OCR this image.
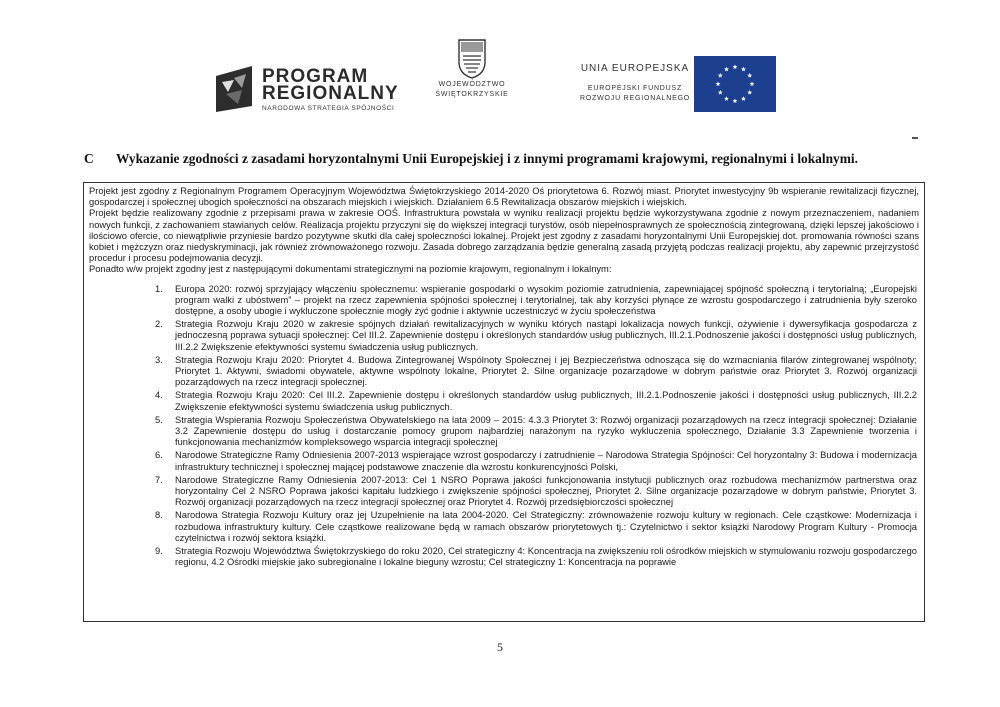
PROGRAM
REGIONALNY
NARODOWA STRATEGIA SPÓJNOŚCI
WOJEWÓDZTWO
ŚWIĘTOKRZYSKIE
UNIA EUROPEJSKA
EUROPEJSKI FUNDUSZ
ROZWOJU REGIONALNEGO
C Wykazanie zgodności z zasadami horyzontalnymi Unii Europejskiej i z innymi programami krajowymi, regionalnymi i lokalnymi.

Projekt jest zgodny z Regionalnym Programem Operacyjnym Województwa Świętokrzyskiego 2014-2020 Oś priorytetowa 6. Rozwój miast. Priorytet inwestycyjny 9b wspieranie rewitalizacji fizycznej, gospodarczej i społecznej ubogich społeczności na obszarach miejskich i wiejskich. Działaniem 6.5 Rewitalizacja obszarów miejskich i wiejskich.

Projekt będzie realizowany zgodnie z przepisami prawa w zakresie OOŚ. Infrastruktura powstała w wyniku realizacji projektu będzie wykorzystywana zgodnie z nowym przeznaczeniem, nadaniem nowych funkcji, z zachowaniem stawianych celów. Realizacja projektu przyczyni się do większej integracji turystów, osób niepełnosprawnych ze społecznością zintegrowaną, dzięki lepszej jakościowo i ilościowo ofercie, co niewątpliwie przyniesie bardzo pozytywne skutki dla całej społeczności lokalnej. Projekt jest zgodny z zasadami horyzontalnymi Unii Europejskiej dot. promowania równości szans kobiet i mężczyzn oraz niedyskryminacji, jak również zrównoważonego rozwoju. Zasada dobrego zarządzania będzie generalną zasadą przyjętą podczas realizacji projektu, aby zapewnić przejrzystość procedur i procesu podejmowania decyzji.

Ponadto w/w projekt zgodny jest z następującymi dokumentami strategicznymi na poziomie krajowym, regionalnym i lokalnym:

1.	Europa 2020: rozwój sprzyjający włączeniu społecznemu: wspieranie gospodarki o wysokim poziomie zatrudnienia, zapewniającej spójność społeczną i terytorialną; „Europejski program walki z ubóstwem” – projekt na rzecz zapewnienia spójności społecznej i terytorialnej, tak aby korzyści płynące ze wzrostu gospodarczego i zatrudnienia były szeroko dostępne, a osoby ubogie i wykluczone społecznie mogły żyć godnie i aktywnie uczestniczyć w życiu społeczeństwa
2.	Strategia Rozwoju Kraju 2020 w zakresie spójnych działań rewitalizacyjnych w wyniku których nastąpi lokalizacja nowych funkcji, ożywienie i dywersyfikacja gospodarcza z jednoczesną poprawa sytuacji społecznej: Cel III.2. Zapewnienie dostępu i określonych standardów usług publicznych, III.2.1.Podnoszenie jakości i dostępności usług publicznych, III.2.2 Zwiększenie efektywności systemu świadczenia usług publicznych.
3.	Strategia Rozwoju Kraju 2020: Priorytet 4. Budowa Zintegrowanej Wspólnoty Społecznej i jej Bezpieczeństwa odnosząca się do wzmacniania filarów zintegrowanej wspólnoty; Priorytet 1. Aktywni, świadomi obywatele, aktywne wspólnoty lokalne, Priorytet 2. Silne organizacje pozarządowe w dobrym państwie oraz Priorytet 3. Rozwój organizacji pozarządowych na rzecz integracji społecznej.
4.	Strategia Rozwoju Kraju 2020: Cel III.2. Zapewnienie dostępu i określonych standardów usług publicznych, III.2.1.Podnoszenie jakości i dostępności usług publicznych, III.2.2 Zwiększenie efektywności systemu świadczenia usług publicznych.
5.	Strategia Wspierania Rozwoju Społeczeństwa Obywatelskiego na lata 2009 – 2015: 4.3.3 Priorytet 3: Rozwój organizacji pozarządowych na rzecz integracji społecznej: Działanie 3.2 Zapewnienie dostępu do usług i dostarczanie pomocy grupom najbardziej narażonym na ryzyko wykluczenia społecznego, Działanie 3.3 Zapewnienie tworzenia i funkcjonowania mechanizmów kompleksowego wsparcia integracji społecznej
6.	Narodowe Strategiczne Ramy Odniesienia 2007-2013 wspierające wzrost gospodarczy i zatrudnienie – Narodowa Strategia Spójności: Cel horyzontalny 3: Budowa i modernizacja infrastruktury technicznej i społecznej mającej podstawowe znaczenie dla wzrostu konkurencyjności Polski,
7.	Narodowe Strategiczne Ramy Odniesienia 2007-2013: Cel 1 NSRO Poprawa jakości funkcjonowania instytucji publicznych oraz rozbudowa mechanizmów partnerstwa oraz horyzontalny Cel 2 NSRO Poprawa jakości kapitału ludzkiego i zwiększenie spójności społecznej, Priorytet 2. Silne organizacje pozarządowe w dobrym państwie, Priorytet 3. Rozwój organizacji pozarządowych na rzecz integracji społecznej oraz Priorytet 4. Rozwój przedsiębiorczości społecznej
8.	Narodowa Strategia Rozwoju Kultury oraz jej Uzupełnienie na lata 2004-2020. Cel Strategiczny: zrównoważenie rozwoju kultury w regionach. Cele cząstkowe: Modernizacja i rozbudowa infrastruktury kultury. Cele cząstkowe realizowane będą w ramach obszarów priorytetowych tj.: Czytelnictwo i sektor książki Narodowy Program Kultury - Promocja czytelnictwa i rozwój sektora książki.
9.	Strategia Rozwoju Województwa Świętokrzyskiego do roku 2020, Cel strategiczny 4: Koncentracja na zwiększeniu roli ośrodków miejskich w stymulowaniu rozwoju gospodarczego regionu, 4.2 Ośrodki miejskie jako subregionalne i lokalne bieguny wzrostu; Cel strategiczny 1: Koncentracja na poprawie
5
